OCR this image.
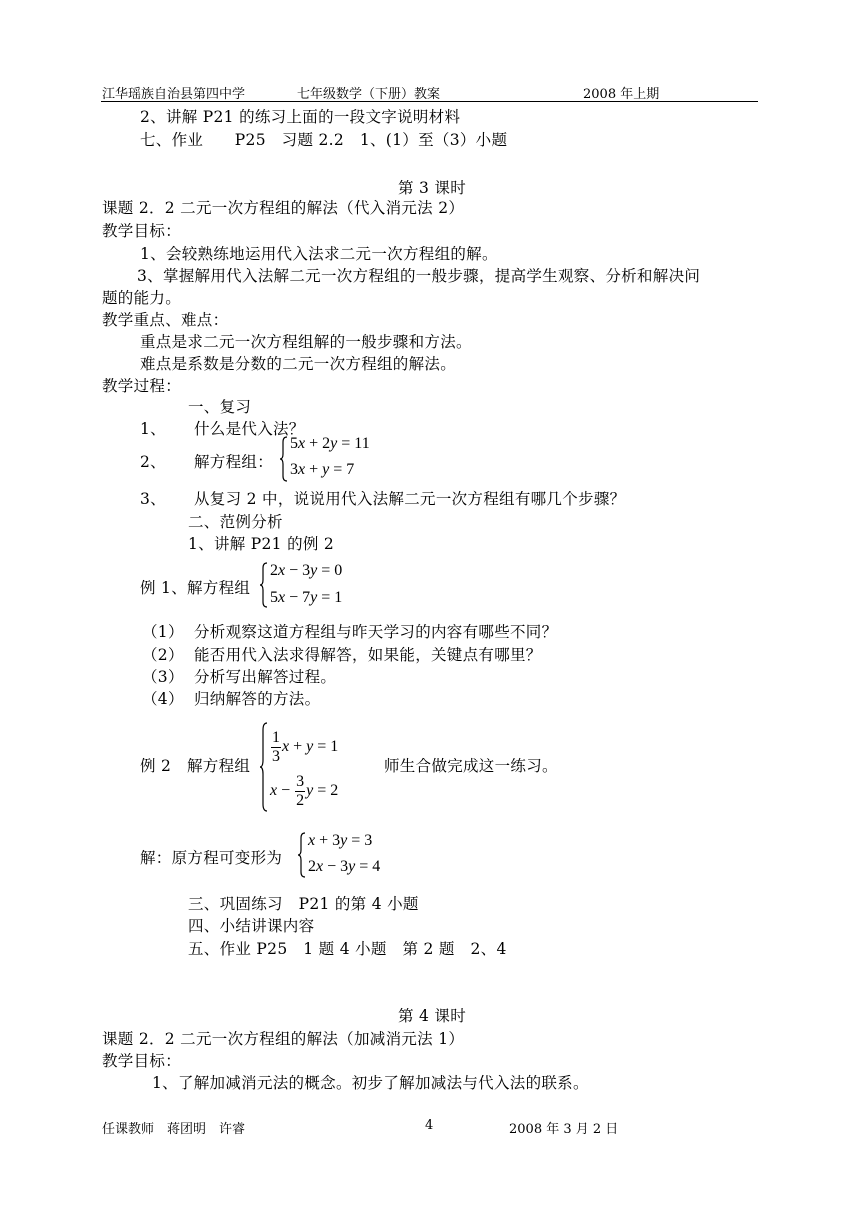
江华瑶族自治县第四中学	七年级数学（下册）教案	2008 年上期
2、讲解 P21 的练习上面的一段文字说明材料
七、作业　　P25　习题 2.2　1、(1）至（3）小题
第 3 课时
课题 2．2 二元一次方程组的解法（代入消元法 2）
教学目标：
1、会较熟练地运用代入法求二元一次方程组的解。
3、掌握解用代入法解二元一次方程组的一般步骤，提高学生观察、分析和解决问
题的能力。
教学重点、难点：
重点是求二元一次方程组解的一般步骤和方法。
难点是系数是分数的二元一次方程组的解法。
教学过程：
一、复习
1、 什么是代入法？
2、 解方程组：
5x + 2y = 11
3x + y = 7
3、 从复习 2 中，说说用代入法解二元一次方程组有哪几个步骤？
二、范例分析
1、讲解 P21 的例 2
例 1、解方程组
2x − 3y = 0
5x − 7y = 1
（1） 分析观察这道方程组与昨天学习的内容有哪些不同？
（2） 能否用代入法求得解答，如果能，关键点有哪里？
（3） 分析写出解答过程。
（4） 归纳解答的方法。
例 2　解方程组
$\frac{1}{3}$ x + y = 1
$x - \frac{3}{2}$ y = 2
师生合做完成这一练习。
解：原方程可变形为
x + 3y = 3
2x − 3y = 4
三、巩固练习　P21 的第 4 小题
四、小结讲课内容
五、作业 P25　1 题 4 小题　第 2 题　2、4
第 4 课时
课题 2．2 二元一次方程组的解法（加减消元法 1）
教学目标：
1、了解加减消元法的概念。初步了解加减法与代入法的联系。
任课教师　蒋团明　许睿	4	2008 年 3 月 2 日
